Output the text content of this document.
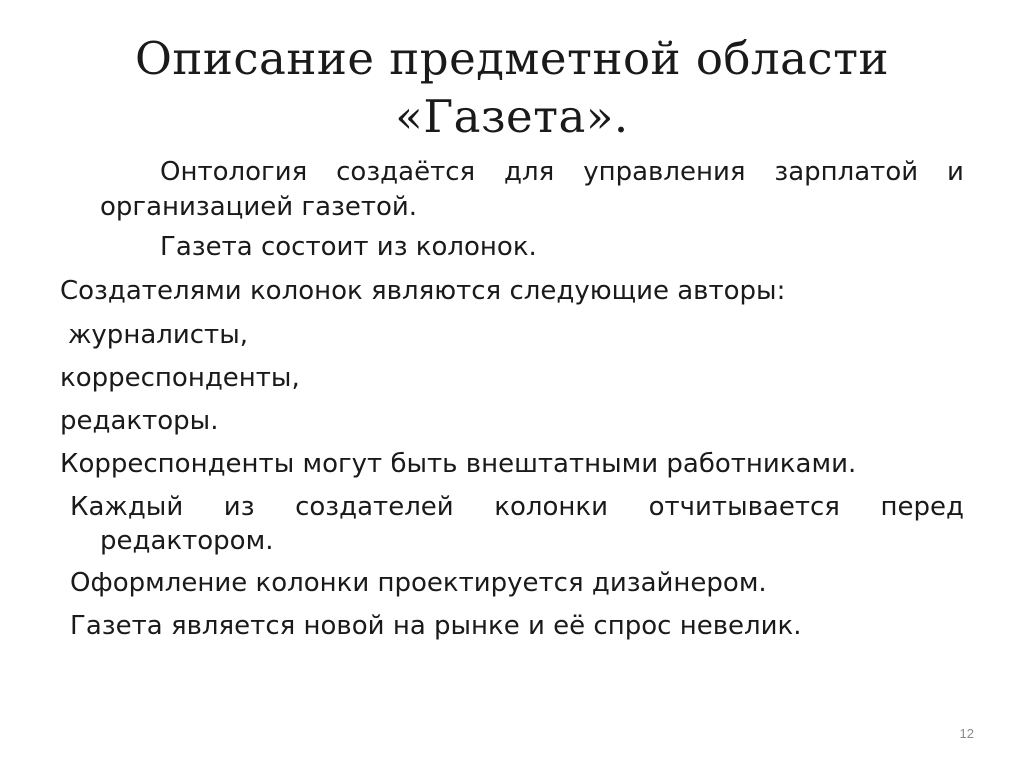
Описание предметной области
«Газета».
Онтология создаётся для управления зарплатой и
организацией газетой.
Газета состоит из колонок.
Создателями колонок являются следующие авторы:
журналисты,
корреспонденты,
редакторы.
Корреспонденты могут быть внештатными работниками.
Каждый из создателей колонки отчитывается перед
редактором.
Оформление колонки проектируется дизайнером.
Газета является новой на рынке и её спрос невелик.
12
